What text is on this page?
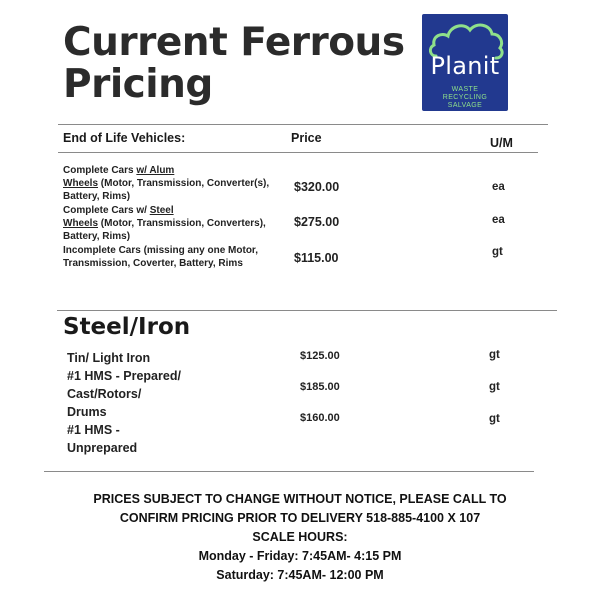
Current Ferrous
Pricing	Planit
WASTE
RECYCLING
SALVAGE
End of Life Vehicles:	Price	U/M
Complete Cars w/ Alum
Wheels (Motor, Transmission, Converter(s), Battery, Rims)
$320.00	ea
Complete Cars w/ Steel
Wheels (Motor, Transmission, Converters), Battery, Rims)
$275.00	ea
Incomplete Cars (missing any one Motor, Transmission, Coverter, Battery, Rims	$115.00	gt
Steel/Iron
Tin/ Light Iron	$125.00	gt
#1 HMS - Prepared/
Cast/Rotors/
Drums
$185.00	gt
#1 HMS -
Unprepared
$160.00	gt
PRICES SUBJECT TO CHANGE WITHOUT NOTICE, PLEASE CALL TO
CONFIRM PRICING PRIOR TO DELIVERY 518-885-4100 X 107
SCALE HOURS:
Monday - Friday: 7:45AM- 4:15 PM
Saturday: 7:45AM- 12:00 PM
